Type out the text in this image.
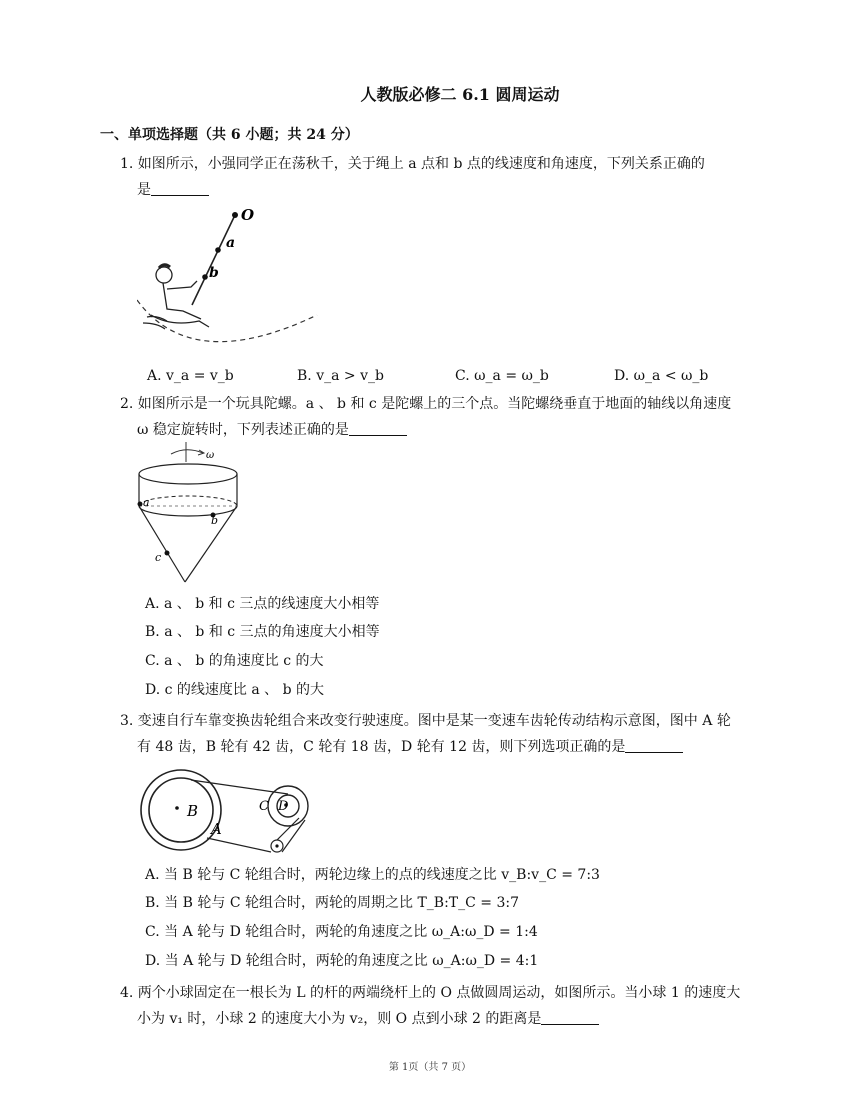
人教版必修二 6.1 圆周运动
一、单项选择题（共 6 小题；共 24 分）
1. 如图所示，小强同学正在荡秋千，关于绳上 a 点和 b 点的线速度和角速度，下列关系正确的
是
O
a
b
A. v_a = v_b	B. v_a > v_b	C. ω_a = ω_b	D. ω_a < ω_b
2. 如图所示是一个玩具陀螺。a 、 b 和 c 是陀螺上的三个点。当陀螺绕垂直于地面的轴线以角速度
ω 稳定旋转时，下列表述正确的是
ω
a
b
c
A. a 、 b 和 c 三点的线速度大小相等
B. a 、 b 和 c 三点的角速度大小相等
C. a 、 b 的角速度比 c 的大
D. c 的线速度比 a 、 b 的大
3. 变速自行车靠变换齿轮组合来改变行驶速度。图中是某一变速车齿轮传动结构示意图，图中 A 轮
有 48 齿，B 轮有 42 齿，C 轮有 18 齿，D 轮有 12 齿，则下列选项正确的是
B
A
C D
A. 当 B 轮与 C 轮组合时，两轮边缘上的点的线速度之比 v_B:v_C = 7:3
B. 当 B 轮与 C 轮组合时，两轮的周期之比 T_B:T_C = 3:7
C. 当 A 轮与 D 轮组合时，两轮的角速度之比 ω_A:ω_D = 1:4
D. 当 A 轮与 D 轮组合时，两轮的角速度之比 ω_A:ω_D = 4:1
4. 两个小球固定在一根长为 L 的杆的两端绕杆上的 O 点做圆周运动，如图所示。当小球 1 的速度大
小为 v₁ 时，小球 2 的速度大小为 v₂，则 O 点到小球 2 的距离是
第 1页（共 7 页）
